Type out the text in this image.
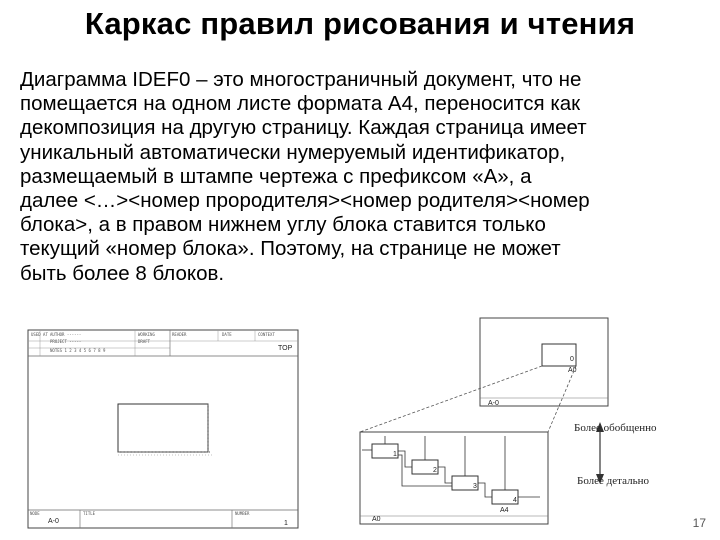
Каркас правил рисования и чтения
Диаграмма IDEF0 – это многостраничный документ, что не
помещается на одном листе формата А4, переносится как
декомпозиция на другую страницу. Каждая страница имеет
уникальный автоматически нумеруемый идентификатор,
размещаемый в штампе чертежа с префиксом «А», а
далее <…><номер прородителя><номер родителя><номер
блока>, а в правом нижнем углу блока ставится только
текущий «номер блока». Поэтому, на странице не может
быть более 8 блоков.
USED AT AUTHOR ------
PROJECT -----
NOTES 1 2 3 4 5 6 7 8 9
WORKING
DRAFT
READER	DATE	CONTEXT
TOP
NODE	TITLE	NUMBER
A-0	1
0
A0
A-0
1
2
3
4
A4
A0
Более обобщенно
Более детально
17
